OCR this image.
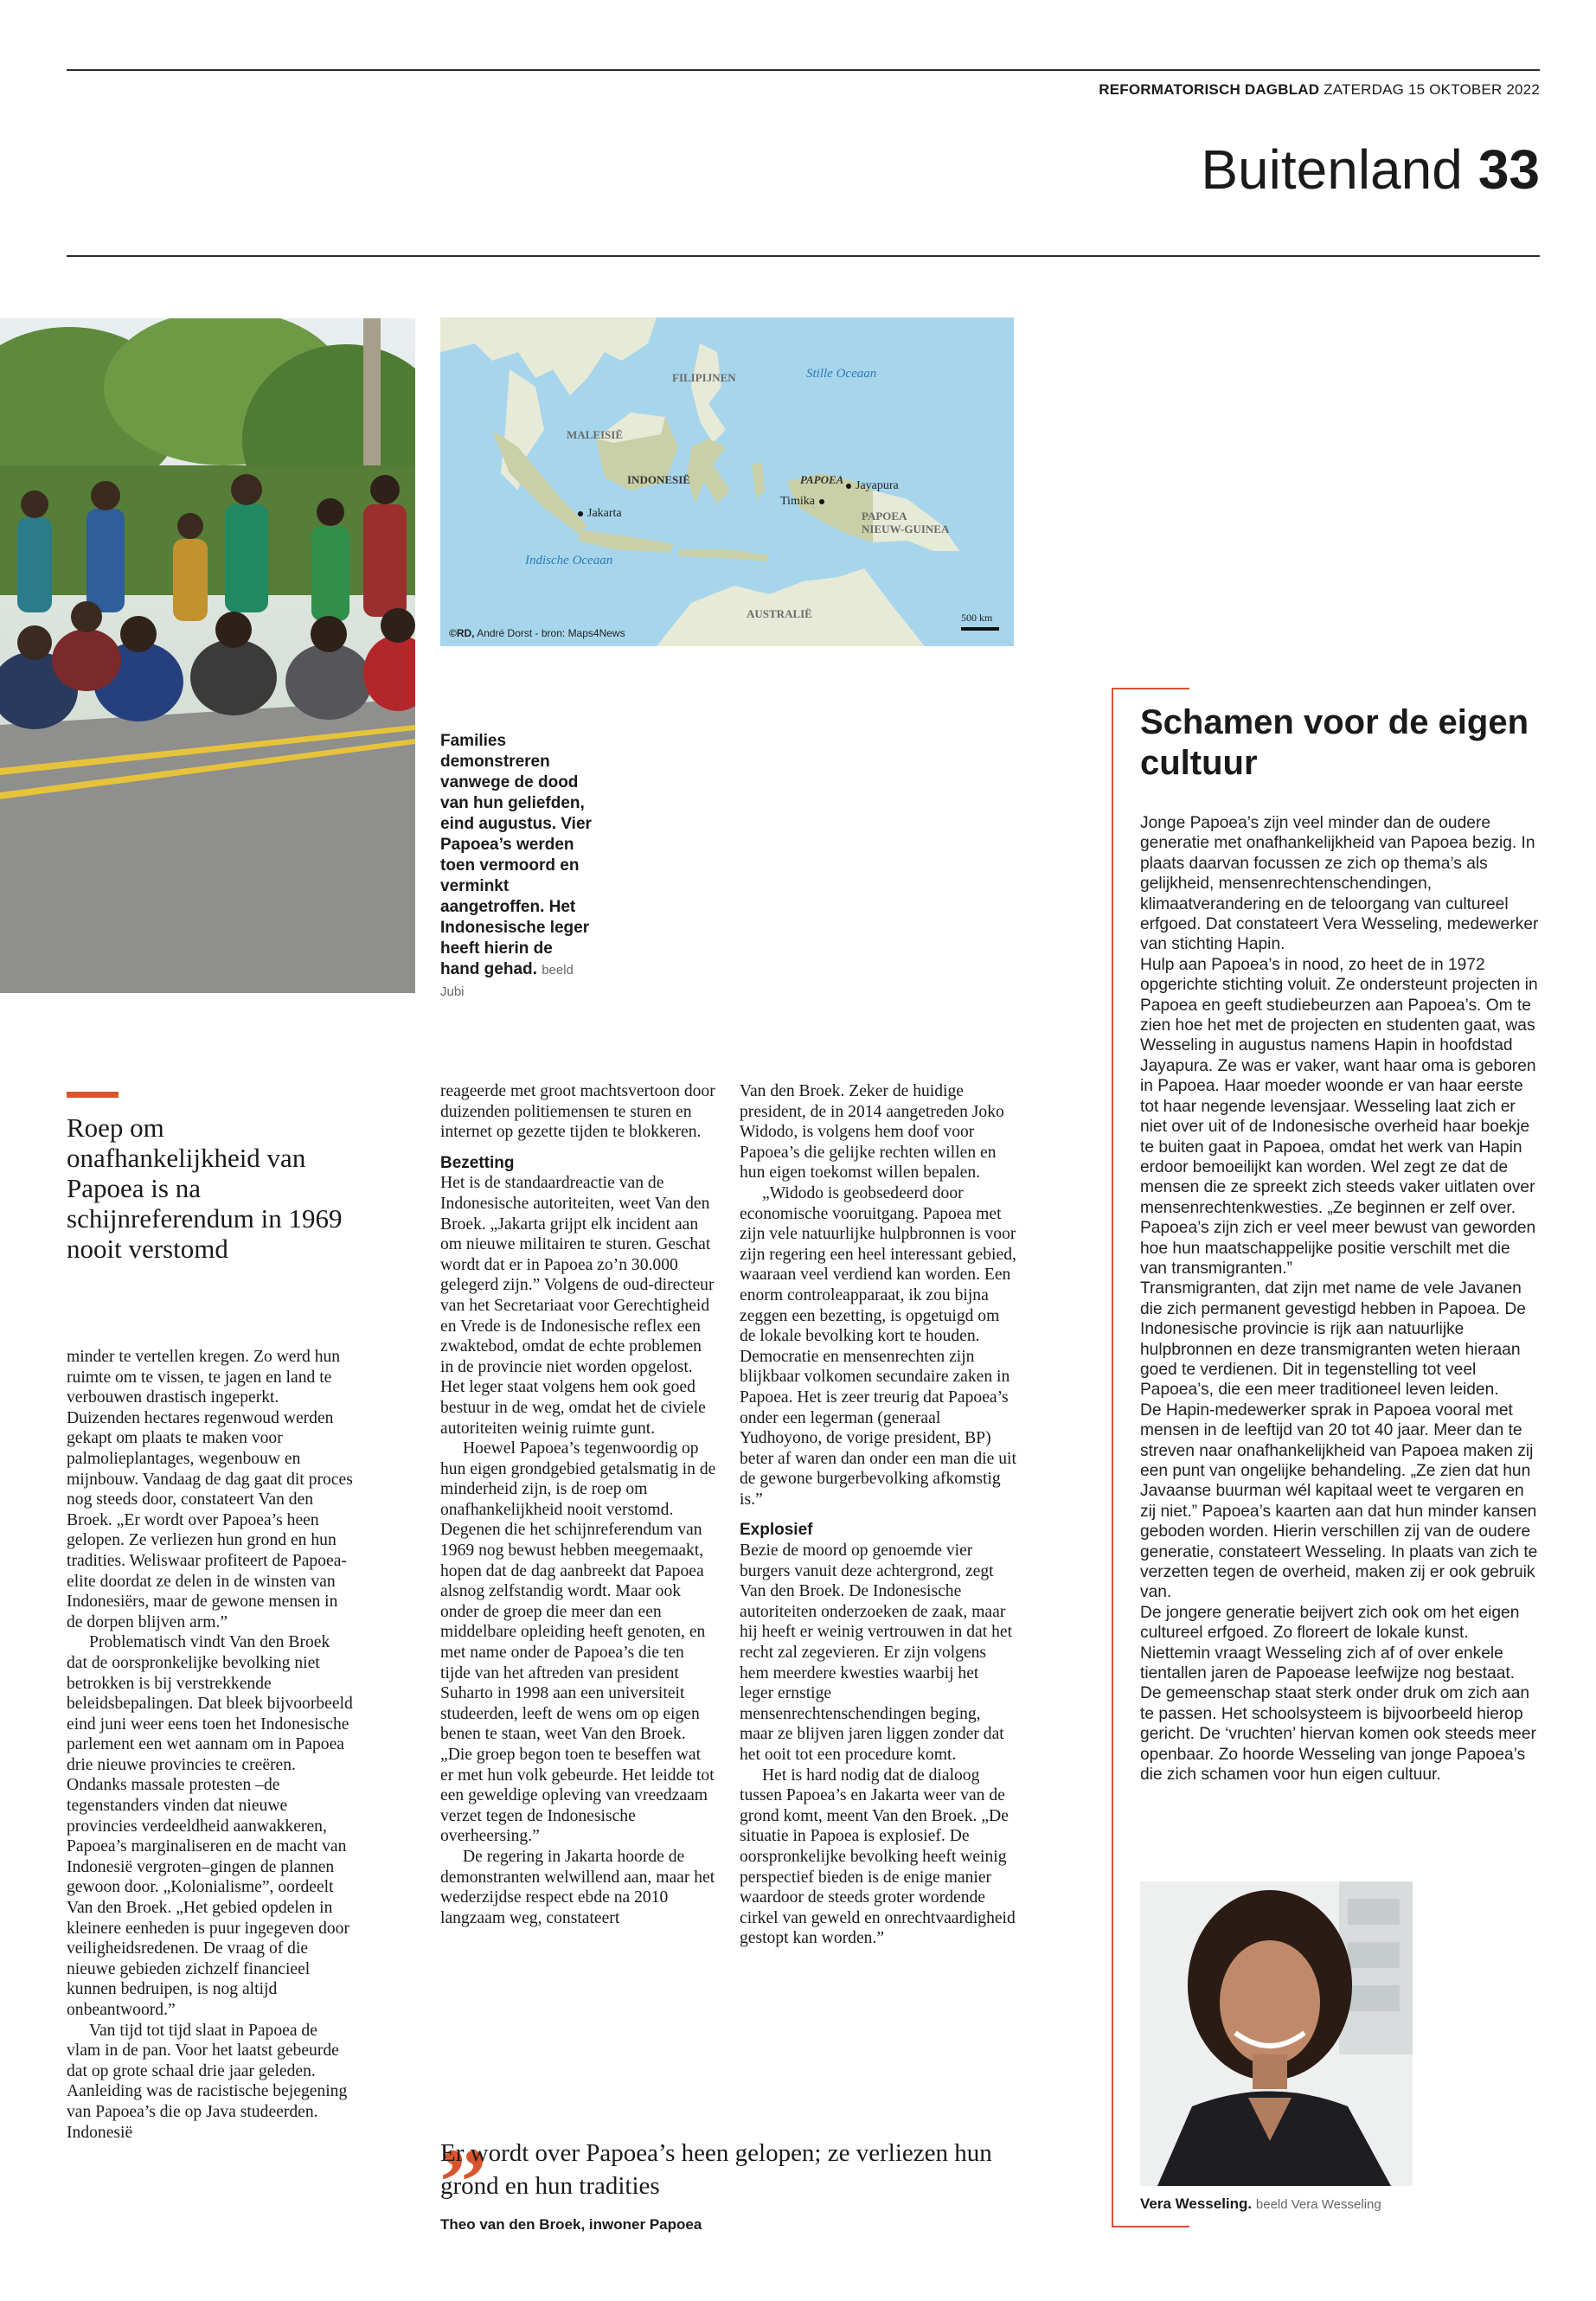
REFORMATORISCH DAGBLAD ZATERDAG 15 OKTOBER 2022
Buitenland 33
FILIPIJNEN	Stille Oceaan
MALEISIË
INDONESIË	PAPOEA Jayapura
Timika
Jakarta	PAPOEA
NIEUW-GUINEA
Indische Oceaan
AUSTRALIË	500 km
©RD, André Dorst - bron: Maps4News
Families demonstreren vanwege de dood van hun geliefden, eind augustus. Vier Papoea’s werden toen vermoord en verminkt aangetroffen. Het Indonesische leger heeft hierin de hand gehad. beeld Jubi
Roep om onafhankelijkheid van Papoea is na schijnreferendum in 1969 nooit verstomd

minder te vertellen kregen. Zo werd hun ruimte om te vissen, te jagen en land te verbouwen drastisch ingeperkt. Duizenden hectares regenwoud werden gekapt om plaats te maken voor palmolieplantages, wegenbouw en mijnbouw. Vandaag de dag gaat dit proces nog steeds door, constateert Van den Broek. „Er wordt over Papoea’s heen gelopen. Ze verliezen hun grond en hun tradities. Weliswaar profiteert de Papoea-elite doordat ze delen in de winsten van Indonesiërs, maar de gewone mensen in de dorpen blijven arm.”

Problematisch vindt Van den Broek dat de oorspronkelijke bevolking niet betrokken is bij verstrekkende beleidsbepalingen. Dat bleek bijvoorbeeld eind juni weer eens toen het Indonesische parlement een wet aannam om in Papoea drie nieuwe provincies te creëren. Ondanks massale protesten –de tegenstanders vinden dat nieuwe provincies verdeeldheid aanwakkeren, Papoea’s marginaliseren en de macht van Indonesië vergroten–gingen de plannen gewoon door. „Kolonialisme”, oordeelt Van den Broek. „Het gebied opdelen in kleinere eenheden is puur ingegeven door veiligheidsredenen. De vraag of die nieuwe gebieden zichzelf financieel kunnen bedruipen, is nog altijd onbeantwoord.”

Van tijd tot tijd slaat in Papoea de vlam in de pan. Voor het laatst gebeurde dat op grote schaal drie jaar geleden. Aanleiding was de racistische bejegening van Papoea’s die op Java studeerden. Indonesië

reageerde met groot machtsvertoon door duizenden politiemensen te sturen en internet op gezette tijden te blokkeren.

Bezetting

Het is de standaardreactie van de Indonesische autoriteiten, weet Van den Broek. „Jakarta grijpt elk incident aan om nieuwe militairen te sturen. Geschat wordt dat er in Papoea zo’n 30.000 gelegerd zijn.” Volgens de oud-directeur van het Secretariaat voor Gerechtigheid en Vrede is de Indonesische reflex een zwaktebod, omdat de echte problemen in de provincie niet worden opgelost. Het leger staat volgens hem ook goed bestuur in de weg, omdat het de civiele autoriteiten weinig ruimte gunt.

Hoewel Papoea’s tegenwoordig op hun eigen grondgebied getalsmatig in de minderheid zijn, is de roep om onafhankelijkheid nooit verstomd. Degenen die het schijnreferendum van 1969 nog bewust hebben meegemaakt, hopen dat de dag aanbreekt dat Papoea alsnog zelfstandig wordt. Maar ook onder de groep die meer dan een middelbare opleiding heeft genoten, en met name onder de Papoea’s die ten tijde van het aftreden van president Suharto in 1998 aan een universiteit studeerden, leeft de wens om op eigen benen te staan, weet Van den Broek. „Die groep begon toen te beseffen wat er met hun volk gebeurde. Het leidde tot een geweldige opleving van vreedzaam verzet tegen de Indonesische overheersing.”

De regering in Jakarta hoorde de demonstranten welwillend aan, maar het wederzijdse respect ebde na 2010 langzaam weg, constateert

Van den Broek. Zeker de huidige president, de in 2014 aangetreden Joko Widodo, is volgens hem doof voor Papoea’s die gelijke rechten willen en hun eigen toekomst willen bepalen.

„Widodo is geobsedeerd door economische vooruitgang. Papoea met zijn vele natuurlijke hulpbronnen is voor zijn regering een heel interessant gebied, waaraan veel verdiend kan worden. Een enorm controleapparaat, ik zou bijna zeggen een bezetting, is opgetuigd om de lokale bevolking kort te houden. Democratie en mensenrechten zijn blijkbaar volkomen secundaire zaken in Papoea. Het is zeer treurig dat Papoea’s onder een legerman (generaal Yudhoyono, de vorige president, BP) beter af waren dan onder een man die uit de gewone burgerbevolking afkomstig is.”

Explosief

Bezie de moord op genoemde vier burgers vanuit deze achtergrond, zegt Van den Broek. De Indonesische autoriteiten onderzoeken de zaak, maar hij heeft er weinig vertrouwen in dat het recht zal zegevieren. Er zijn volgens hem meerdere kwesties waarbij het leger ernstige mensenrechtenschendingen beging, maar ze blijven jaren liggen zonder dat het ooit tot een procedure komt.

Het is hard nodig dat de dialoog tussen Papoea’s en Jakarta weer van de grond komt, meent Van den Broek. „De situatie in Papoea is explosief. De oorspronkelijke bevolking heeft weinig perspectief bieden is de enige manier waardoor de steeds groter wordende cirkel van geweld en onrechtvaardigheid gestopt kan worden.”

„
Er wordt over Papoea’s heen gelopen; ze verliezen hun grond en hun tradities
Theo van den Broek, inwoner Papoea
Schamen voor de eigen cultuur

Jonge Papoea’s zijn veel minder dan de oudere generatie met onafhankelijkheid van Papoea bezig. In plaats daarvan focussen ze zich op thema’s als gelijkheid, mensenrechtenschendingen, klimaatverandering en de teloorgang van cultureel erfgoed. Dat constateert Vera Wesseling, medewerker van stichting Hapin.

Hulp aan Papoea’s in nood, zo heet de in 1972 opgerichte stichting voluit. Ze ondersteunt projecten in Papoea en geeft studiebeurzen aan Papoea’s. Om te zien hoe het met de projecten en studenten gaat, was Wesseling in augustus namens Hapin in hoofdstad Jayapura. Ze was er vaker, want haar oma is geboren in Papoea. Haar moeder woonde er van haar eerste tot haar negende levensjaar. Wesseling laat zich er niet over uit of de Indonesische overheid haar boekje te buiten gaat in Papoea, omdat het werk van Hapin erdoor bemoeilijkt kan worden. Wel zegt ze dat de mensen die ze spreekt zich steeds vaker uitlaten over mensenrechtenkwesties. „Ze beginnen er zelf over. Papoea’s zijn zich er veel meer bewust van geworden hoe hun maatschappelijke positie verschilt met die van transmigranten.”

Transmigranten, dat zijn met name de vele Javanen die zich permanent gevestigd hebben in Papoea. De Indonesische provincie is rijk aan natuurlijke hulpbronnen en deze transmigranten weten hieraan goed te verdienen. Dit in tegenstelling tot veel Papoea’s, die een meer traditioneel leven leiden.

De Hapin-medewerker sprak in Papoea vooral met mensen in de leeftijd van 20 tot 40 jaar. Meer dan te streven naar onafhankelijkheid van Papoea maken zij een punt van ongelijke behandeling. „Ze zien dat hun Javaanse buurman wél kapitaal weet te vergaren en zij niet.” Papoea’s kaarten aan dat hun minder kansen geboden worden. Hierin verschillen zij van de oudere generatie, constateert Wesseling. In plaats van zich te verzetten tegen de overheid, maken zij er ook gebruik van.

De jongere generatie beijvert zich ook om het eigen cultureel erfgoed. Zo floreert de lokale kunst. Niettemin vraagt Wesseling zich af of over enkele tientallen jaren de Papoease leefwijze nog bestaat. De gemeenschap staat sterk onder druk om zich aan te passen. Het schoolsysteem is bijvoorbeeld hierop gericht. De ‘vruchten’ hiervan komen ook steeds meer openbaar. Zo hoorde Wesseling van jonge Papoea’s die zich schamen voor hun eigen cultuur.

Vera Wesseling. beeld Vera Wesseling
